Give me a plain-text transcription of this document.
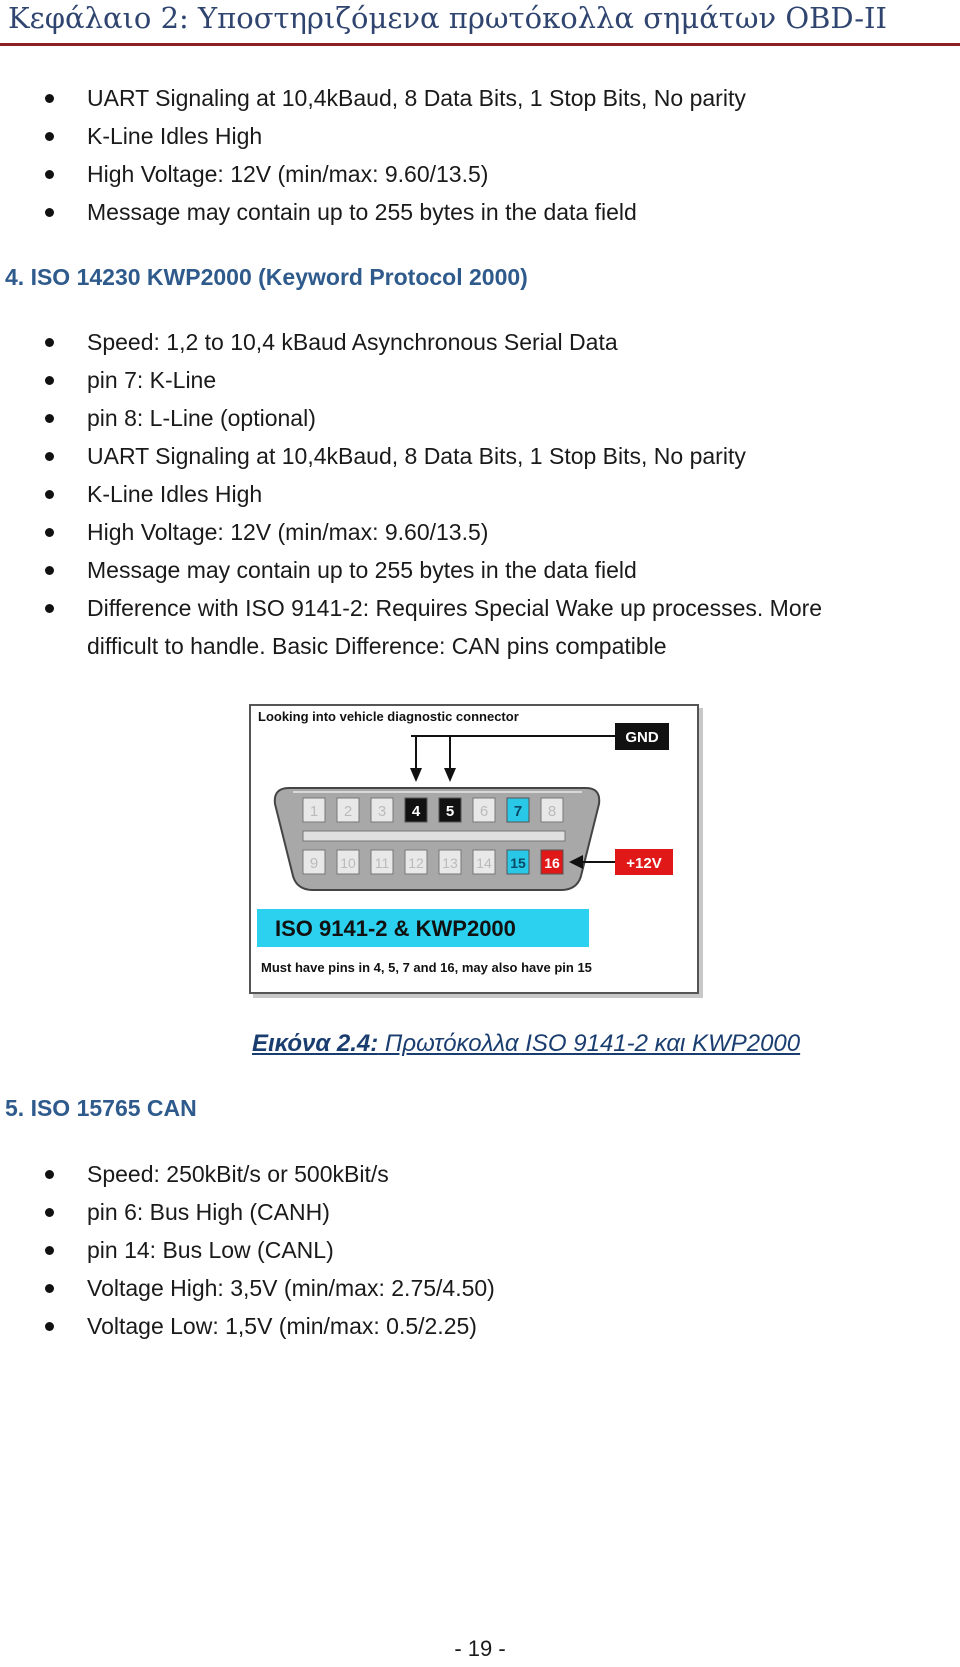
Κεφάλαιο 2: Υποστηριζόμενα πρωτόκολλα σημάτων OBD-II
UART Signaling at 10,4kBaud, 8 Data Bits, 1 Stop Bits, No parity
K-Line Idles High
High Voltage: 12V (min/max: 9.60/13.5)
Message may contain up to 255 bytes in the data field
4. ISO 14230 KWP2000 (Keyword Protocol 2000)
Speed: 1,2 to 10,4 kBaud Asynchronous Serial Data
pin 7: K-Line
pin 8: L-Line (optional)
UART Signaling at 10,4kBaud, 8 Data Bits, 1 Stop Bits, No parity
K-Line Idles High
High Voltage: 12V (min/max: 9.60/13.5)
Message may contain up to 255 bytes in the data field
Difference with ISO 9141-2: Requires Special Wake up processes. More
difficult to handle. Basic Difference: CAN pins compatible
Looking into vehicle diagnostic connector
GND
1 2 3 4 5 6 7 8
9 10 11 12 13 14 15 16	+12V
ISO 9141-2 & KWP2000
Must have pins in 4, 5, 7 and 16, may also have pin 15
Εικόνα 2.4: Πρωτόκολλα ISO 9141-2 και KWP2000
5. ISO 15765 CAN
Speed: 250kBit/s or 500kBit/s
pin 6: Bus High (CANH)
pin 14: Bus Low (CANL)
Voltage High: 3,5V (min/max: 2.75/4.50)
Voltage Low: 1,5V (min/max: 0.5/2.25)
- 19 -
